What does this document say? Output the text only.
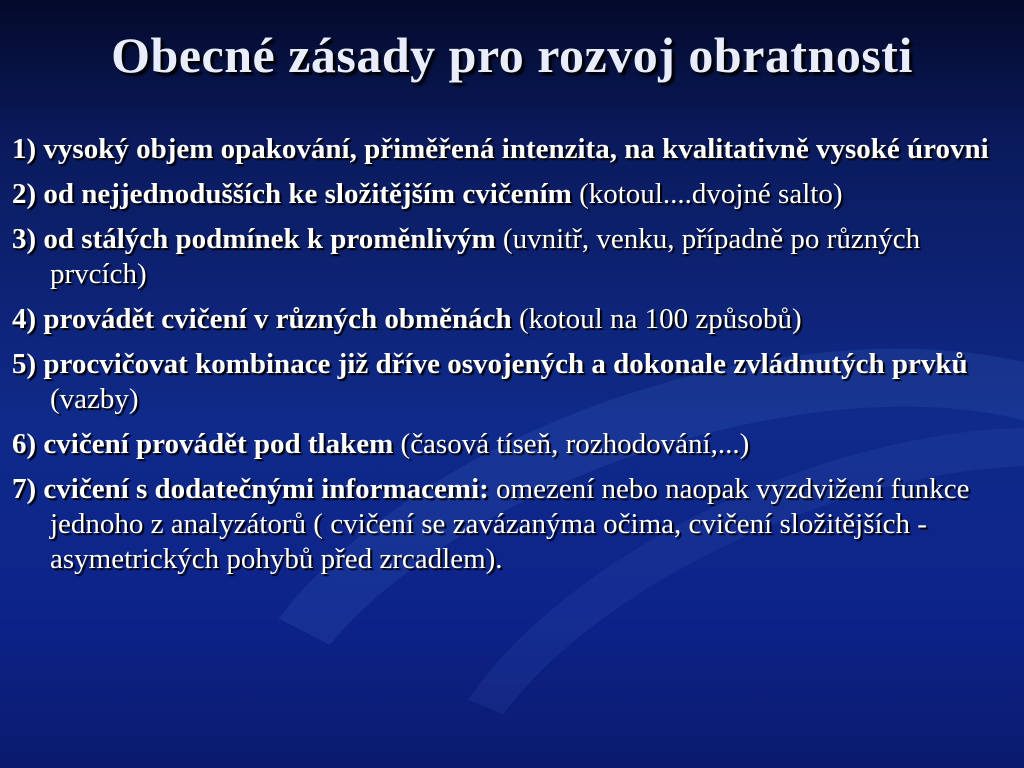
Obecné zásady pro rozvoj obratnosti
1) vysoký objem opakování, přiměřená intenzita, na kvalitativně vysoké úrovni
2) od nejjednodušších ke složitějším cvičením (kotoul....dvojné salto)
3) od stálých podmínek k proměnlivým (uvnitř, venku, případně po různých prvcích)
4) provádět cvičení v různých obměnách (kotoul na 100 způsobů)
5) procvičovat kombinace již dříve osvojených a dokonale zvládnutých prvků (vazby)
6) cvičení provádět pod tlakem (časová tíseň, rozhodování,...)
7) cvičení s dodatečnými informacemi: omezení nebo naopak vyzdvižení funkce jednoho z analyzátorů ( cvičení se zavázanýma očima, cvičení složitějších - asymetrických pohybů před zrcadlem).
